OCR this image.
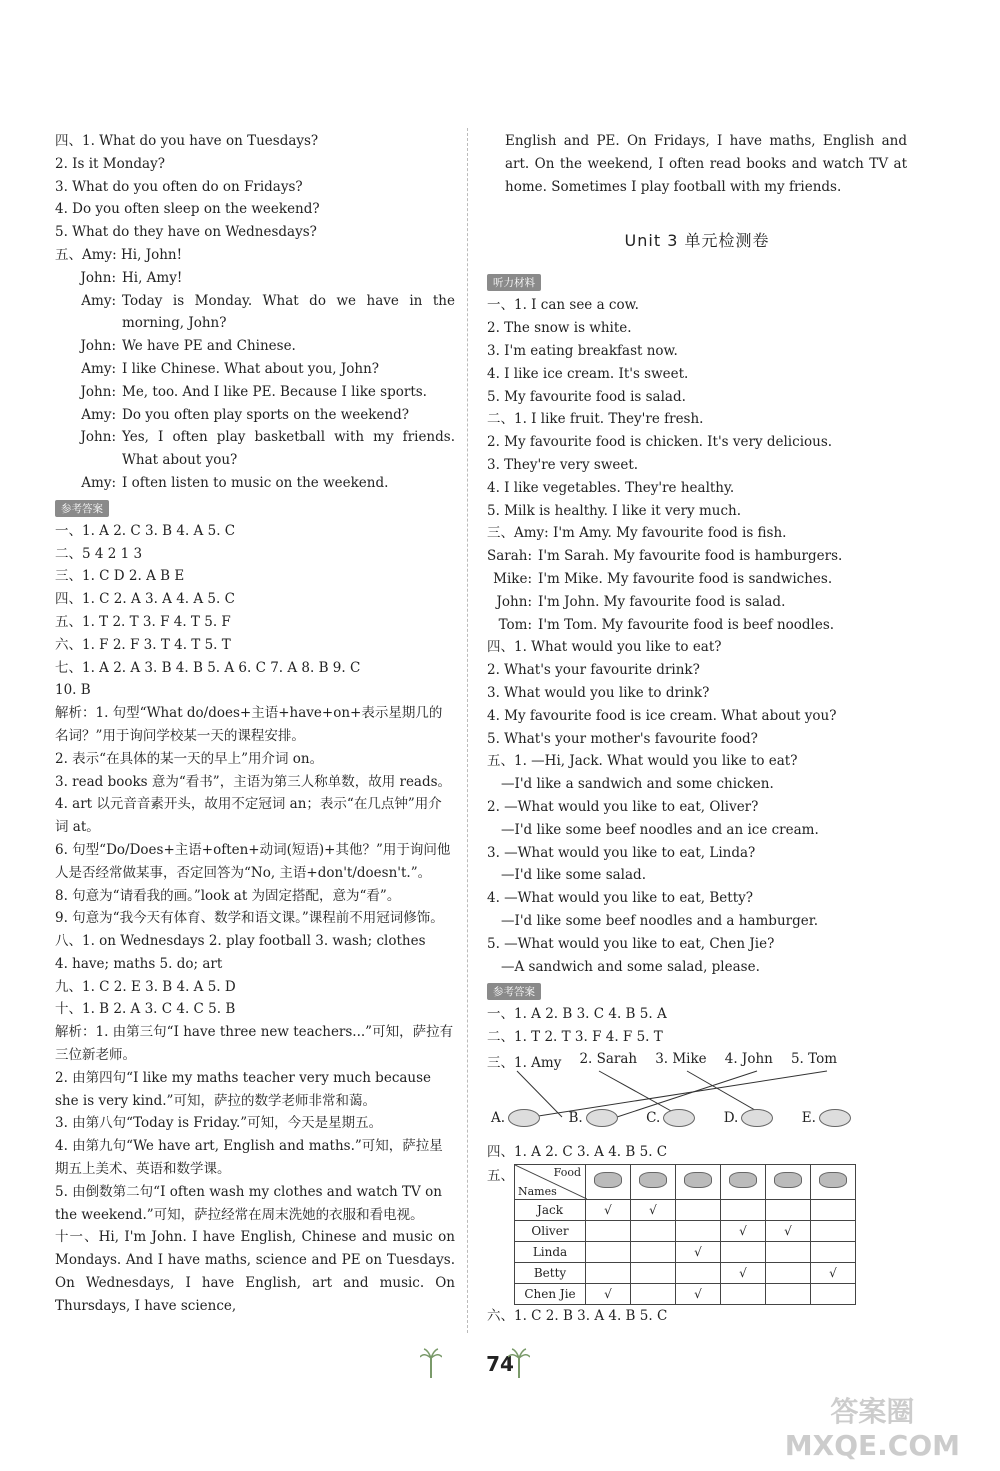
四、1. What do you have on Tuesdays?
2. Is it Monday?
3. What do you often do on Fridays?
4. Do you often sleep on the weekend?
5. What do they have on Wednesdays?
五、Amy: Hi, John!
John: Hi, Amy!
Amy: Today is Monday. What do we have in the morning, John?
John: We have PE and Chinese.
Amy: I like Chinese. What about you, John?
John: Me, too. And I like PE. Because I like sports.
Amy: Do you often play sports on the weekend?
John: Yes, I often play basketball with my friends. What about you?
Amy: I often listen to music on the weekend.
参考答案
一、1. A 2. C 3. B 4. A 5. C
二、5 4 2 1 3
三、1. C D 2. A B E
四、1. C 2. A 3. A 4. A 5. C
五、1. T 2. T 3. F 4. T 5. F
六、1. F 2. F 3. T 4. T 5. T
七、1. A 2. A 3. B 4. B 5. A 6. C 7. A 8. B 9. C
10. B
解析：1. 句型“What do/does+主语+have+on+表示星期几的名词？”用于询问学校某一天的课程安排。
2. 表示“在具体的某一天的早上”用介词 on。
3. read books 意为“看书”，主语为第三人称单数，故用 reads。
4. art 以元音音素开头，故用不定冠词 an；表示“在几点钟”用介词 at。
6. 句型“Do/Does+主语+often+动词(短语)+其他？”用于询问他人是否经常做某事，否定回答为“No, 主语+don't/doesn't.”。
8. 句意为“请看我的画。”look at 为固定搭配，意为“看”。
9. 句意为“我今天有体育、数学和语文课。”课程前不用冠词修饰。
八、1. on Wednesdays 2. play football 3. wash; clothes
4. have; maths 5. do; art
九、1. C 2. E 3. B 4. A 5. D
十、1. B 2. A 3. C 4. C 5. B
解析：1. 由第三句“I have three new teachers...”可知，萨拉有三位新老师。
2. 由第四句“I like my maths teacher very much because she is very kind.”可知，萨拉的数学老师非常和蔼。
3. 由第八句“Today is Friday.”可知，今天是星期五。
4. 由第九句“We have art, English and maths.”可知，萨拉星期五上美术、英语和数学课。
5. 由倒数第二句“I often wash my clothes and watch TV on the weekend.”可知，萨拉经常在周末洗她的衣服和看电视。
十一、Hi, I'm John. I have English, Chinese and music on Mondays. And I have maths, science and PE on Tuesdays. On Wednesdays, I have English, art and music. On Thursdays, I have science,
English and PE. On Fridays, I have maths, English and art. On the weekend, I often read books and watch TV at home. Sometimes I play football with my friends.
Unit 3 单元检测卷
听力材料
一、1. I can see a cow.
2. The snow is white.
3. I'm eating breakfast now.
4. I like ice cream. It's sweet.
5. My favourite food is salad.
二、1. I like fruit. They're fresh.
2. My favourite food is chicken. It's very delicious.
3. They're very sweet.
4. I like vegetables. They're healthy.
5. Milk is healthy. I like it very much.
三、Amy: I'm Amy. My favourite food is fish.
Sarah: I'm Sarah. My favourite food is hamburgers.
Mike: I'm Mike. My favourite food is sandwiches.
John: I'm John. My favourite food is salad.
Tom: I'm Tom. My favourite food is beef noodles.
四、1. What would you like to eat?
2. What's your favourite drink?
3. What would you like to drink?
4. My favourite food is ice cream. What about you?
5. What's your mother's favourite food?
五、1. —Hi, Jack. What would you like to eat?
—I'd like a sandwich and some chicken.
2. —What would you like to eat, Oliver?
—I'd like some beef noodles and an ice cream.
3. —What would you like to eat, Linda?
—I'd like some salad.
4. —What would you like to eat, Betty?
—I'd like some beef noodles and a hamburger.
5. —What would you like to eat, Chen Jie?
—A sandwich and some salad, please.
参考答案
一、1. A 2. B 3. C 4. B 5. A
二、1. T 2. T 3. F 4. F 5. T
三、1. Amy 2. Sarah 3. Mike 4. John 5. Tom
A.	B.	C.	D.	E.
四、1. A 2. C 3. A 4. B 5. C
五、	Food
Names						

Jack	√	√				
Oliver				√	√	
Linda			√			
Betty				√		√
Chen Jie	√		√			
六、1. C 2. B 3. A 4. B 5. C
74
答案圈
MXQE.COM
